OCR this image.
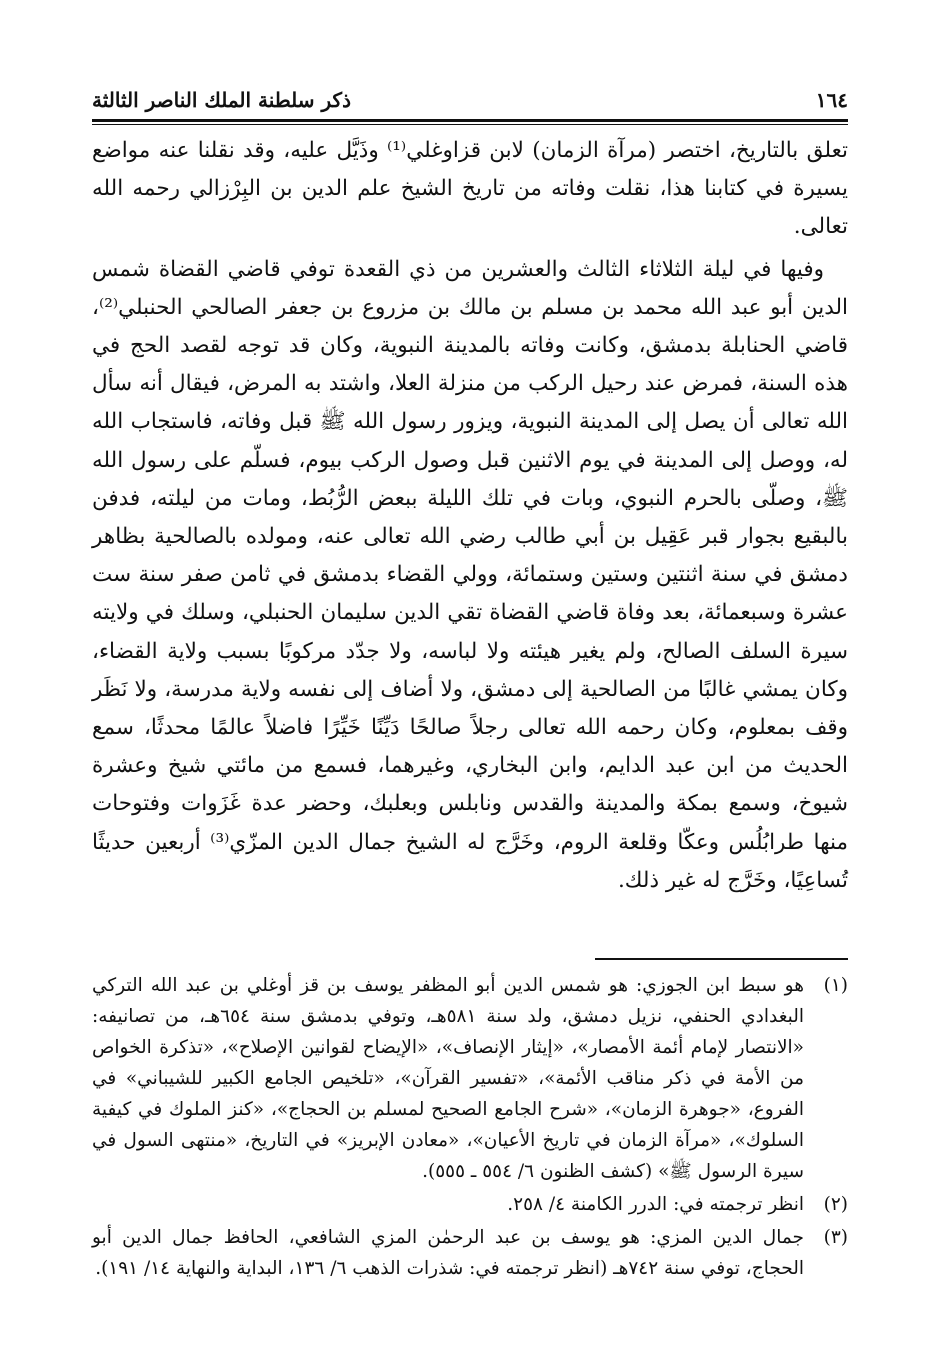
١٦٤
ذكر سلطنة الملك الناصر الثالثة

تعلق بالتاريخ، اختصر (مرآة الزمان) لابن قزاوغلي⁽¹⁾ وذَيَّل عليه، وقد نقلنا عنه مواضع يسيرة في كتابنا هذا، نقلت وفاته من تاريخ الشيخ علم الدين بن البِرْزالي رحمه الله تعالى.

وفيها في ليلة الثلاثاء الثالث والعشرين من ذي القعدة توفي قاضي القضاة شمس الدين أبو عبد الله محمد بن مسلم بن مالك بن مزروع بن جعفر الصالحي الحنبلي⁽²⁾، قاضي الحنابلة بدمشق، وكانت وفاته بالمدينة النبوية، وكان قد توجه لقصد الحج في هذه السنة، فمرض عند رحيل الركب من منزلة العلا، واشتد به المرض، فيقال أنه سأل الله تعالى أن يصل إلى المدينة النبوية، ويزور رسول الله ﷺ قبل وفاته، فاستجاب الله له، ووصل إلى المدينة في يوم الاثنين قبل وصول الركب بيوم، فسلّم على رسول الله ﷺ، وصلّى بالحرم النبوي، وبات في تلك الليلة ببعض الرُّبُط، ومات من ليلته، فدفن بالبقيع بجوار قبر عَقِيل بن أبي طالب رضي الله تعالى عنه، ومولده بالصالحية بظاهر دمشق في سنة اثنتين وستين وستمائة، وولي القضاء بدمشق في ثامن صفر سنة ست عشرة وسبعمائة، بعد وفاة قاضي القضاة تقي الدين سليمان الحنبلي، وسلك في ولايته سيرة السلف الصالح، ولم يغير هيئته ولا لباسه، ولا جدّد مركوبًا بسبب ولاية القضاء، وكان يمشي غالبًا من الصالحية إلى دمشق، ولا أضاف إلى نفسه ولاية مدرسة، ولا نَظَر وقف بمعلوم، وكان رحمه الله تعالى رجلاً صالحًا دَيِّنًا خَيِّرًا فاضلاً عالمًا محدثًا، سمع الحديث من ابن عبد الدايم، وابن البخاري، وغيرهما، فسمع من مائتي شيخ وعشرة شيوخ، وسمع بمكة والمدينة والقدس ونابلس وبعلبك، وحضر عدة غَزَوات وفتوحات منها طرابُلُس وعكّا وقلعة الروم، وخَرَّج له الشيخ جمال الدين المزّي⁽³⁾ أربعين حديثًا تُساعِيًا، وخَرَّج له غير ذلك.

(١)
هو سبط ابن الجوزي: هو شمس الدين أبو المظفر يوسف بن قز أوغلي بن عبد الله التركي البغدادي الحنفي، نزيل دمشق، ولد سنة ٥٨١هـ، وتوفي بدمشق سنة ٦٥٤هـ، من تصانيفه: «الانتصار لإمام أئمة الأمصار»، «إيثار الإنصاف»، «الإيضاح لقوانين الإصلاح»، «تذكرة الخواص من الأمة في ذكر مناقب الأئمة»، «تفسير القرآن»، «تلخيص الجامع الكبير للشيباني» في الفروع، «جوهرة الزمان»، «شرح الجامع الصحيح لمسلم بن الحجاج»، «كنز الملوك في كيفية السلوك»، «مرآة الزمان في تاريخ الأعيان»، «معادن الإبريز» في التاريخ، «منتهى السول في سيرة الرسول ﷺ» (كشف الظنون ٦/ ٥٥٤ ـ ٥٥٥).
(٢)
انظر ترجمته في: الدرر الكامنة ٤/ ٢٥٨.
(٣)
جمال الدين المزي: هو يوسف بن عبد الرحمٰن المزي الشافعي، الحافظ جمال الدين أبو الحجاج، توفي سنة ٧٤٢هـ (انظر ترجمته في: شذرات الذهب ٦/ ١٣٦، البداية والنهاية ١٤/ ١٩١).
